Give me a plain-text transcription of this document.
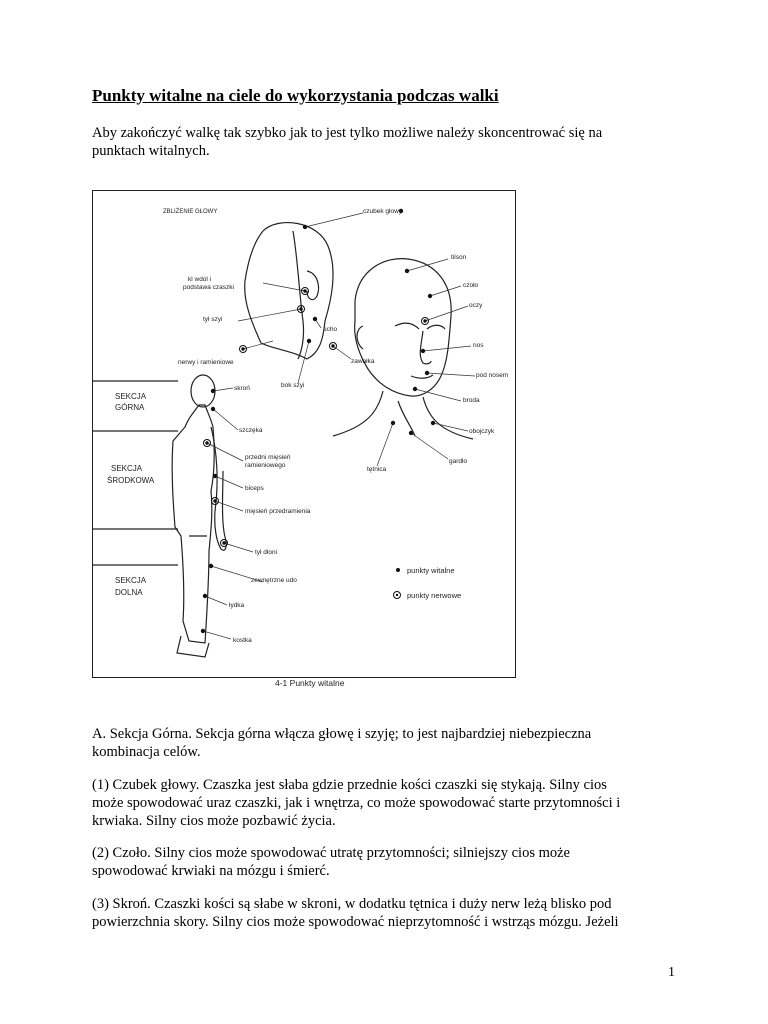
Punkty witalne na ciele do wykorzystania podczas walki
Aby zakończyć walkę tak szybko jak to jest tylko możliwe należy skoncentrować się na
punktach witalnych.
ZBLIŻENIE GŁOWY	czubek głowy
tilson
czoło
oczy
nos
pod nosem
broda
obojczyk
gardło
tętnica
bok szyi
kl wdol i
podstawa czaszki
tył szyi
ucho
zawałka
nerwy i ramieniowe
skroń
szczęka
przedni mięsień
ramieniowego
biceps
mięsień przedramienia
tył dłoni
zewnętrzne udo
łydka
kostka
SEKCJA
GÓRNA
SEKCJA
ŚRODKOWA
SEKCJA
DOLNA
punkty witalne
punkty nerwowe
4-1 Punkty witalne
A. Sekcja Górna. Sekcja górna włącza głowę i szyję; to jest najbardziej niebezpieczna
kombinacja celów.
(1) Czubek głowy. Czaszka jest słaba gdzie przednie kości czaszki się stykają. Silny cios
może spowodować uraz czaszki, jak i wnętrza, co może spowodować starte przytomności i
krwiaka. Silny cios może pozbawić życia.
(2) Czoło. Silny cios może spowodować utratę przytomności; silniejszy cios może
spowodować krwiaki na mózgu i śmierć.
(3) Skroń. Czaszki kości są słabe w skroni, w dodatku tętnica i duży nerw leżą blisko pod
powierzchnia skory. Silny cios może spowodować nieprzytomność i wstrząs mózgu. Jeżeli
1
